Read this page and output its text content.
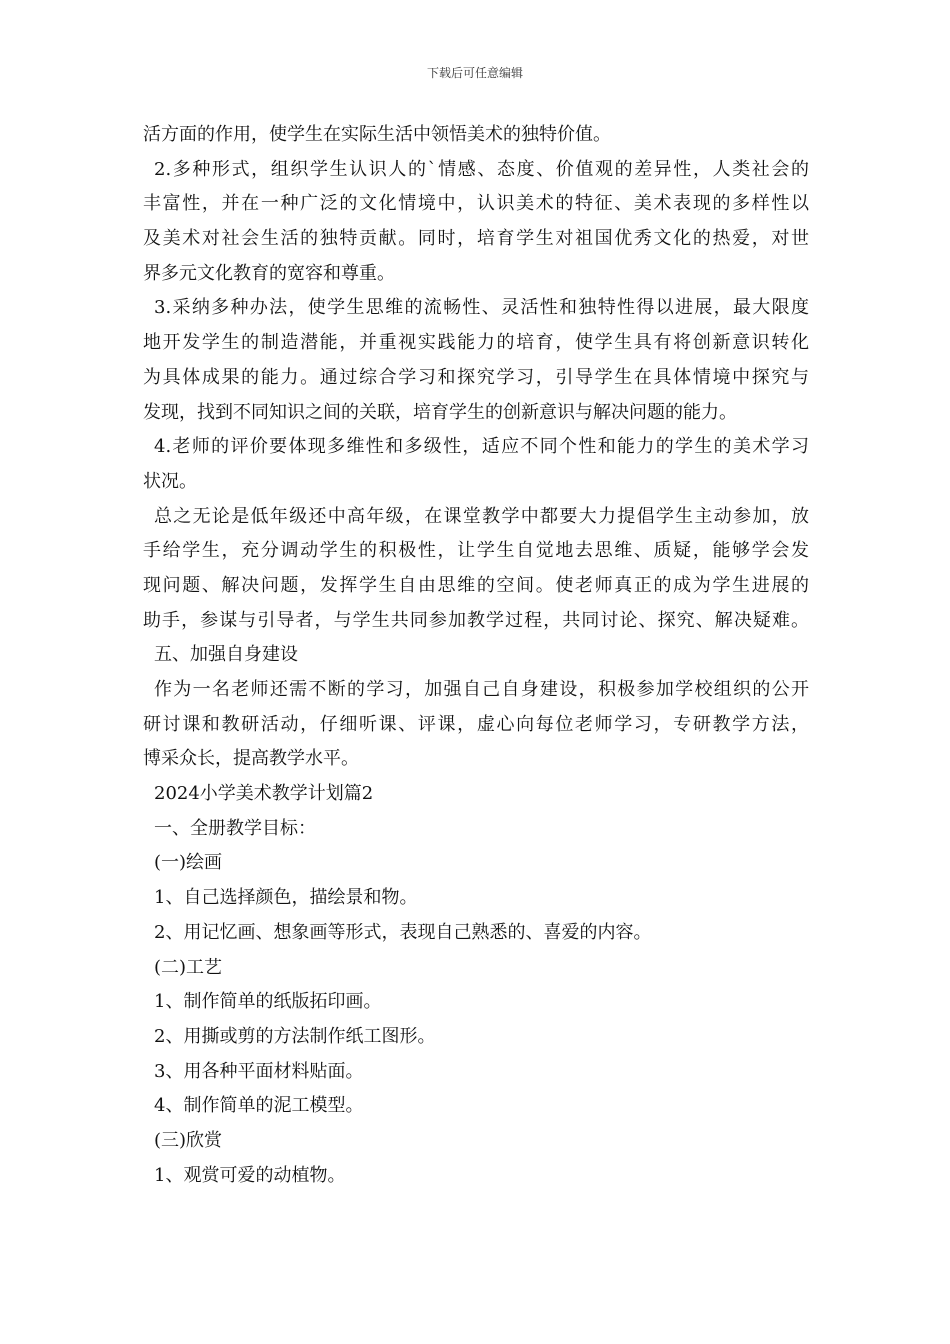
下载后可任意编辑
活方面的作用，使学生在实际生活中领悟美术的独特价值。
2.多种形式，组织学生认识人的`情感、态度、价值观的差异性，人类社会的
丰富性，并在一种广泛的文化情境中，认识美术的特征、美术表现的多样性以
及美术对社会生活的独特贡献。同时，培育学生对祖国优秀文化的热爱，对世
界多元文化教育的宽容和尊重。
3.采纳多种办法，使学生思维的流畅性、灵活性和独特性得以进展，最大限度
地开发学生的制造潜能，并重视实践能力的培育，使学生具有将创新意识转化
为具体成果的能力。通过综合学习和探究学习，引导学生在具体情境中探究与
发现，找到不同知识之间的关联，培育学生的创新意识与解决问题的能力。
4.老师的评价要体现多维性和多级性，适应不同个性和能力的学生的美术学习
状况。
总之无论是低年级还中高年级，在课堂教学中都要大力提倡学生主动参加，放
手给学生，充分调动学生的积极性，让学生自觉地去思维、质疑，能够学会发
现问题、解决问题，发挥学生自由思维的空间。使老师真正的成为学生进展的
助手，参谋与引导者，与学生共同参加教学过程，共同讨论、探究、解决疑难。
五、加强自身建设
作为一名老师还需不断的学习，加强自己自身建设，积极参加学校组织的公开
研讨课和教研活动，仔细听课、评课，虚心向每位老师学习，专研教学方法，
博采众长，提高教学水平。
2024小学美术教学计划篇2
一、全册教学目标：
(一)绘画
1、自己选择颜色，描绘景和物。
2、用记忆画、想象画等形式，表现自己熟悉的、喜爱的内容。
(二)工艺
1、制作简单的纸版拓印画。
2、用撕或剪的方法制作纸工图形。
3、用各种平面材料贴面。
4、制作简单的泥工模型。
(三)欣赏
1、观赏可爱的动植物。
